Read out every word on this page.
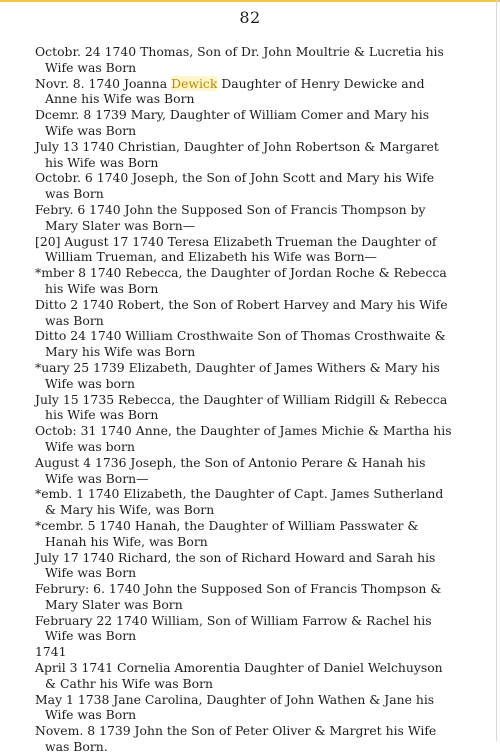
82

Octobr. 24 1740 Thomas, Son of Dr. John Moultrie & Lucretia his Wife was Born

Novr. 8. 1740 Joanna Dewick Daughter of Henry Dewicke and Anne his Wife was Born

Dcemr. 8 1739 Mary, Daughter of William Comer and Mary his Wife was Born

July 13 1740 Christian, Daughter of John Robertson & Margaret his Wife was Born

Octobr. 6 1740 Joseph, the Son of John Scott and Mary his Wife was Born

Febry. 6 1740 John the Supposed Son of Francis Thompson by Mary Slater was Born—

[20] August 17 1740 Teresa Elizabeth Trueman the Daughter of William Trueman, and Elizabeth his Wife was Born—

*mber 8 1740 Rebecca, the Daughter of Jordan Roche & Rebecca his Wife was Born

Ditto 2 1740 Robert, the Son of Robert Harvey and Mary his Wife was Born

Ditto 24 1740 William Crosthwaite Son of Thomas Crosthwaite & Mary his Wife was Born

*uary 25 1739 Elizabeth, Daughter of James Withers & Mary his Wife was born

July 15 1735 Rebecca, the Daughter of William Ridgill & Rebecca his Wife was Born

Octob: 31 1740 Anne, the Daughter of James Michie & Martha his Wife was born

August 4 1736 Joseph, the Son of Antonio Perare & Hanah his Wife was Born—

*emb. 1 1740 Elizabeth, the Daughter of Capt. James Sutherland & Mary his Wife, was Born

*cembr. 5 1740 Hanah, the Daughter of William Passwater & Hanah his Wife, was Born

July 17 1740 Richard, the son of Richard Howard and Sarah his Wife was Born

Februry: 6. 1740 John the Supposed Son of Francis Thompson & Mary Slater was Born

February 22 1740 William, Son of William Farrow & Rachel his Wife was Born

1741

April 3 1741 Cornelia Amorentia Daughter of Daniel Welchuyson & Cathr his Wife was Born

May 1 1738 Jane Carolina, Daughter of John Wathen & Jane his Wife was Born

Novem. 8 1739 John the Son of Peter Oliver & Margret his Wife was Born.
